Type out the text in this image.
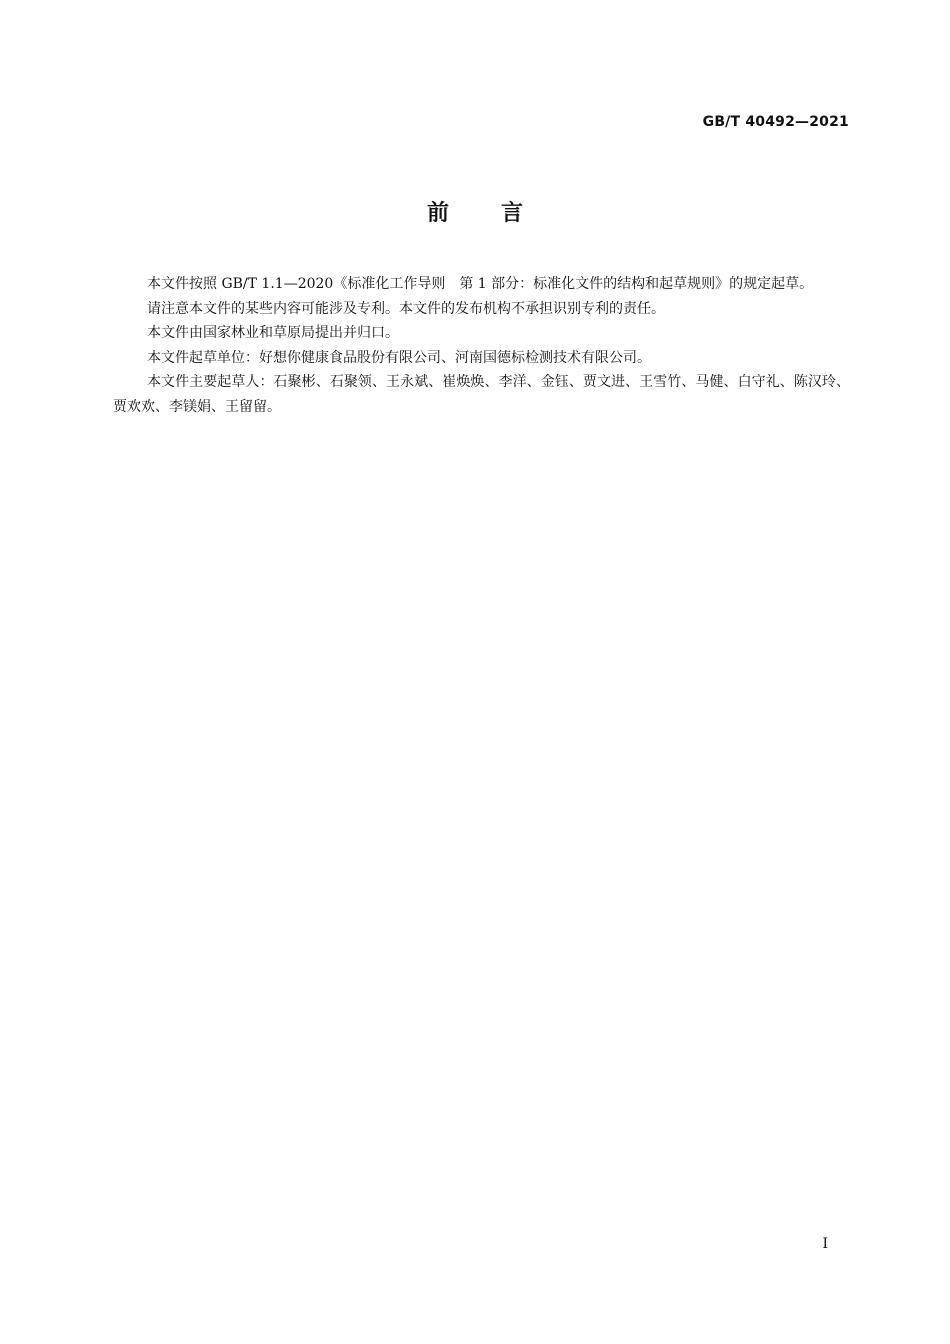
GB/T 40492—2021
前言

本文件按照 GB/T 1.1—2020《标准化工作导则　第 1 部分：标准化文件的结构和起草规则》的规定起草。

请注意本文件的某些内容可能涉及专利。本文件的发布机构不承担识别专利的责任。

本文件由国家林业和草原局提出并归口。

本文件起草单位：好想你健康食品股份有限公司、河南国德标检测技术有限公司。

本文件主要起草人：石聚彬、石聚领、王永斌、崔焕焕、李洋、金钰、贾文进、王雪竹、马健、白守礼、陈汉玲、贾欢欢、李镁娟、王留留。

I
